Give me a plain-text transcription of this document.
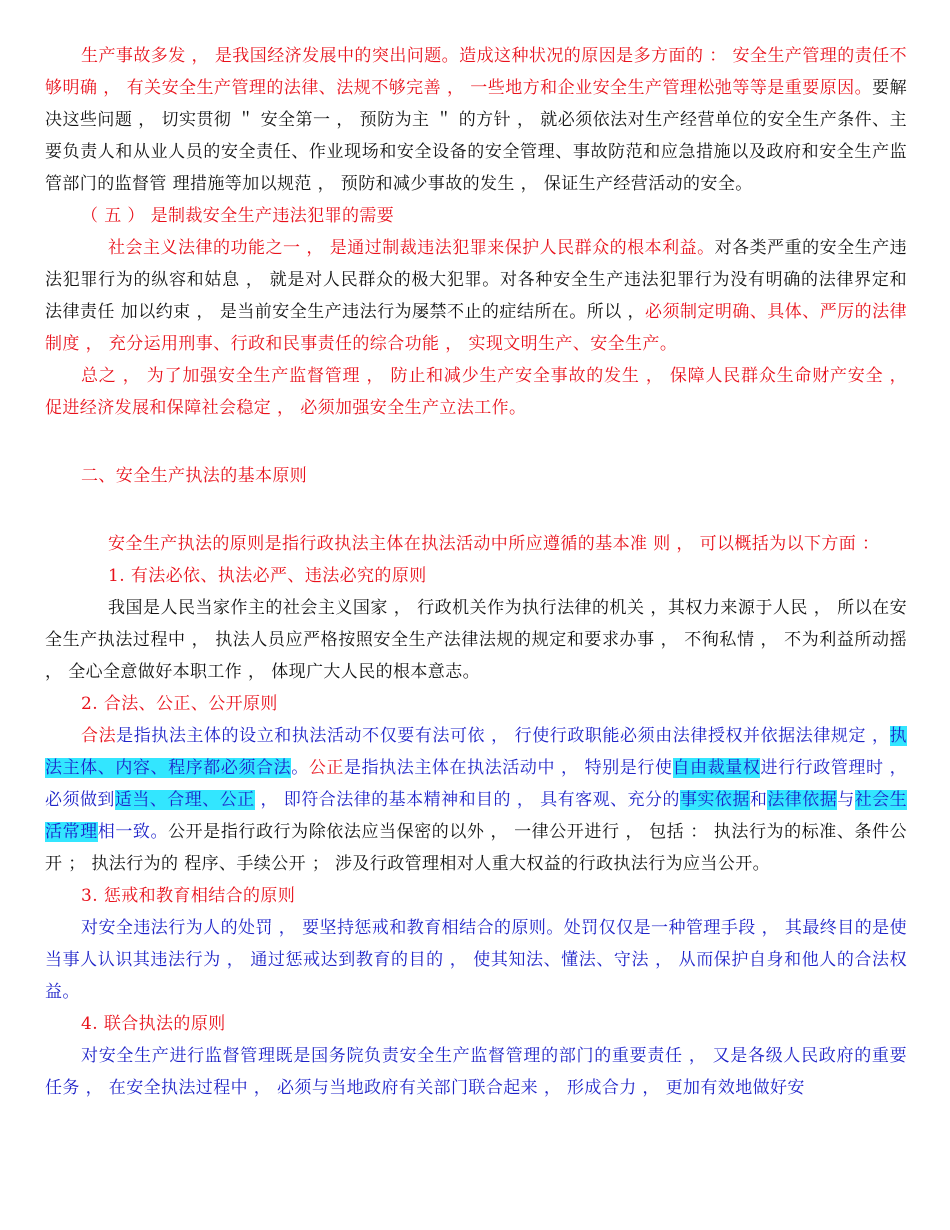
生产事故多发 ， 是我国经济发展中的突出问题。造成这种状况的原因是多方面的 ： 安全生产管理的责任不够明确 ， 有关安全生产管理的法律、法规不够完善 ， 一些地方和企业安全生产管理松弛等等是重要原因。要解决这些问题 ， 切实贯彻 ＂ 安全第一 ， 预防为主 ＂ 的方针 ， 就必须依法对生产经营单位的安全生产条件、主要负责人和从业人员的安全责任、作业现场和安全设备的安全管理、事故防范和应急措施以及政府和安全生产监管部门的监督管 理措施等加以规范 ， 预防和减少事故的发生 ， 保证生产经营活动的安全。

（ 五 ） 是制裁安全生产违法犯罪的需要

社会主义法律的功能之一 ， 是通过制裁违法犯罪来保护人民群众的根本利益。对各类严重的安全生产违法犯罪行为的纵容和姑息 ， 就是对人民群众的极大犯罪。对各种安全生产违法犯罪行为没有明确的法律界定和法律责任 加以约束 ， 是当前安全生产违法行为屡禁不止的症结所在。所以 ，必须制定明确、具体、严厉的法律制度 ， 充分运用刑事、行政和民事责任的综合功能 ， 实现文明生产、安全生产。

总之 ， 为了加强安全生产监督管理 ， 防止和减少生产安全事故的发生 ， 保障人民群众生命财产安全 ， 促进经济发展和保障社会稳定 ， 必须加强安全生产立法工作。

二、安全生产执法的基本原则

安全生产执法的原则是指行政执法主体在执法活动中所应遵循的基本准 则 ， 可以概括为以下方面 ：

1. 有法必依、执法必严、违法必究的原则

我国是人民当家作主的社会主义国家 ， 行政机关作为执行法律的机关 ，其权力来源于人民 ， 所以在安全生产执法过程中 ， 执法人员应严格按照安全生产法律法规的规定和要求办事 ， 不徇私情 ， 不为利益所动摇 ， 全心全意做好本职工作 ， 体现广大人民的根本意志。

2. 合法、公正、公开原则

合法是指执法主体的设立和执法活动不仅要有法可依 ， 行使行政职能必须由法律授权并依据法律规定 ，执法主体、内容、程序都必须合法。公正是指执法主体在执法活动中 ， 特别是行使自由裁量权进行行政管理时 ， 必须做到适当、合理、公正 ， 即符合法律的基本精神和目的 ， 具有客观、充分的事实依据和法律依据与社会生活常理相一致。公开是指行政行为除依法应当保密的以外 ， 一律公开进行 ， 包括 ： 执法行为的标准、条件公开 ； 执法行为的 程序、手续公开 ； 涉及行政管理相对人重大权益的行政执法行为应当公开。

3. 惩戒和教育相结合的原则

对安全违法行为人的处罚 ， 要坚持惩戒和教育相结合的原则。处罚仅仅是一种管理手段 ， 其最终目的是使当事人认识其违法行为 ， 通过惩戒达到教育的目的 ， 使其知法、懂法、守法 ， 从而保护自身和他人的合法权益。

4. 联合执法的原则

对安全生产进行监督管理既是国务院负责安全生产监督管理的部门的重要责任 ， 又是各级人民政府的重要任务 ， 在安全执法过程中 ， 必须与当地政府有关部门联合起来 ， 形成合力 ， 更加有效地做好安
